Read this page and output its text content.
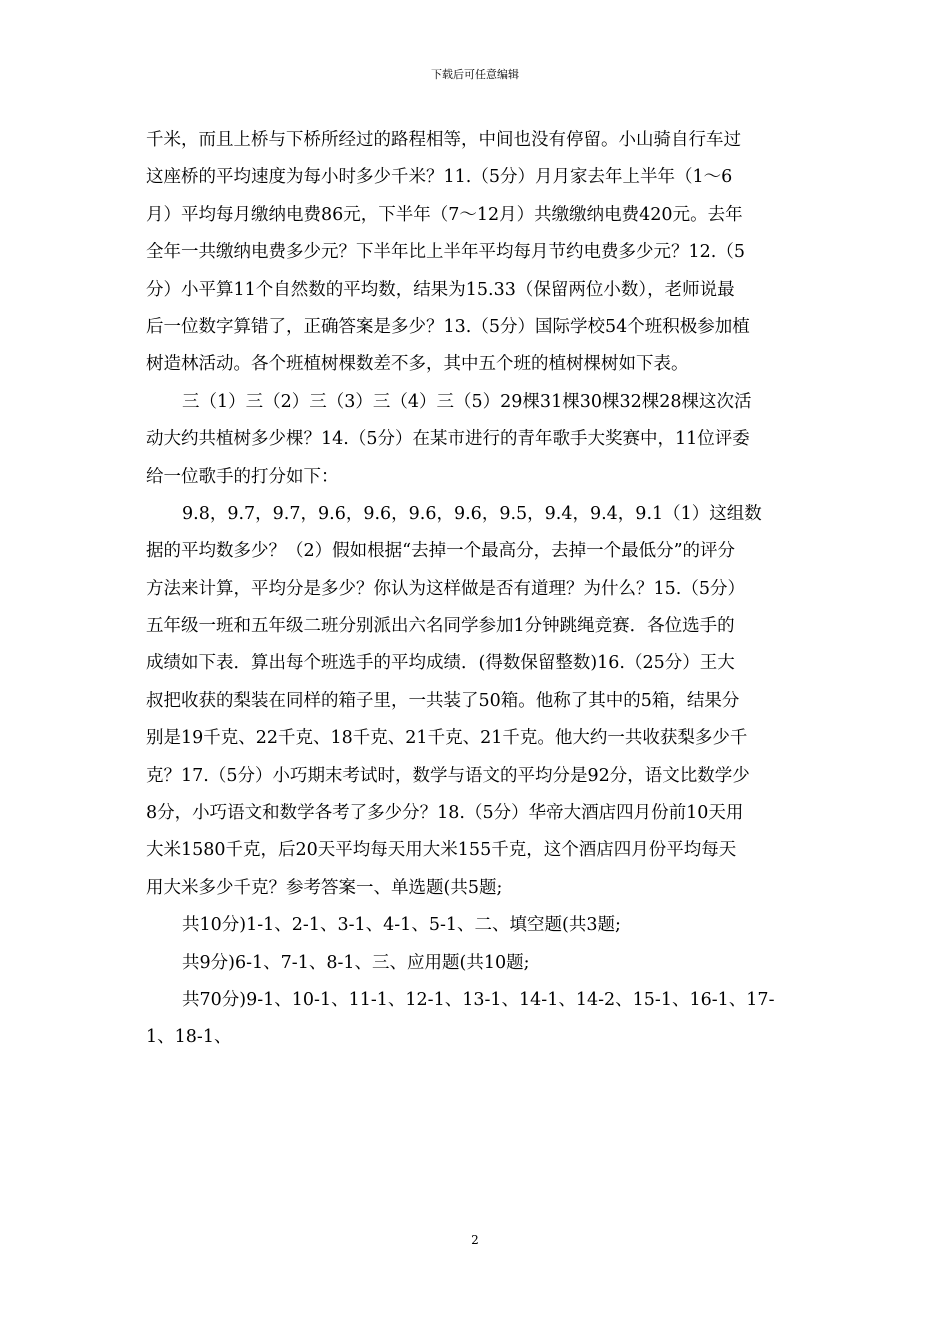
下载后可任意编辑
千米，而且上桥与下桥所经过的路程相等，中间也没有停留。小山骑自行车过
这座桥的平均速度为每小时多少千米？11.（5分）月月家去年上半年（1～6
月）平均每月缴纳电费86元，下半年（7～12月）共缴缴纳电费420元。去年
全年一共缴纳电费多少元？下半年比上半年平均每月节约电费多少元？12.（5
分）小平算11个自然数的平均数，结果为15.33（保留两位小数），老师说最
后一位数字算错了，正确答案是多少？13.（5分）国际学校54个班积极参加植
树造林活动。各个班植树棵数差不多，其中五个班的植树棵树如下表。
三（1）三（2）三（3）三（4）三（5）29棵31棵30棵32棵28棵这次活
动大约共植树多少棵？14.（5分）在某市进行的青年歌手大奖赛中，11位评委
给一位歌手的打分如下：
9.8，9.7，9.7，9.6，9.6，9.6，9.6，9.5，9.4，9.4，9.1（1）这组数
据的平均数多少？（2）假如根据“去掉一个最高分，去掉一个最低分”的评分
方法来计算，平均分是多少？你认为这样做是否有道理？为什么？15.（5分）
五年级一班和五年级二班分别派出六名同学参加1分钟跳绳竞赛．各位选手的
成绩如下表．算出每个班选手的平均成绩．(得数保留整数)16.（25分）王大
叔把收获的梨装在同样的箱子里，一共装了50箱。他称了其中的5箱，结果分
别是19千克、22千克、18千克、21千克、21千克。他大约一共收获梨多少千
克？17.（5分）小巧期末考试时，数学与语文的平均分是92分，语文比数学少
8分，小巧语文和数学各考了多少分？18.（5分）华帝大酒店四月份前10天用
大米1580千克，后20天平均每天用大米155千克，这个酒店四月份平均每天
用大米多少千克？参考答案一、单选题(共5题;
共10分)1-1、2-1、3-1、4-1、5-1、二、填空题(共3题;
共9分)6-1、7-1、8-1、三、应用题(共10题;
共70分)9-1、10-1、11-1、12-1、13-1、14-1、14-2、15-1、16-1、17-
1、18-1、
2
